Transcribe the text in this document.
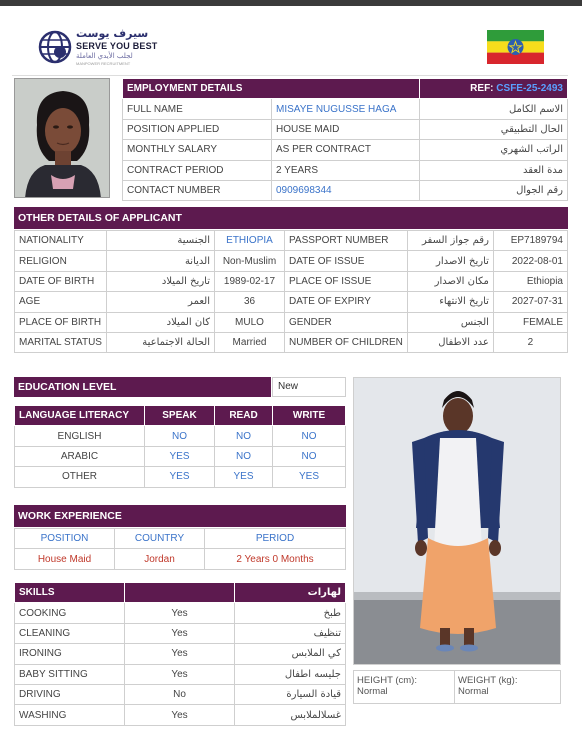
سيرف يوست
SERVE YOU BEST
لجلب الأيدي العاملة
MANPOWER RECRUITMENT
EMPLOYMENT DETAILS		REF: CSFE-25-2493
FULL NAME	MISAYE NUGUSSE HAGA	الاسم الكامل
POSITION APPLIED	HOUSE MAID	الحال التطبيقي
MONTHLY SALARY	AS PER CONTRACT	الراتب الشهري
CONTRACT PERIOD	2 YEARS	مدة العقد
CONTACT NUMBER	0909698344	رقم الجوال
OTHER DETAILS OF APPLICANT
NATIONALITY	الجنسية	ETHIOPIA	PASSPORT NUMBER	رقم جواز السفر	EP7189794
RELIGION	الديانة	Non-Muslim	DATE OF ISSUE	تاريخ الاصدار	2022-08-01
DATE OF BIRTH	تاريخ الميلاد	1989-02-17	PLACE OF ISSUE	مكان الاصدار	Ethiopia
AGE	العمر	36	DATE OF EXPIRY	تاريخ الانتهاء	2027-07-31
PLACE OF BIRTH	كان الميلاد	MULO	GENDER	الجنس	FEMALE
MARITAL STATUS	الحالة الاجتماعية	Married	NUMBER OF CHILDREN	عدد الاطفال	2
EDUCATION LEVEL	New
LANGUAGE LITERACY	SPEAK	READ	WRITE
ENGLISH	NO	NO	NO
ARABIC	YES	NO	NO
OTHER	YES	YES	YES
WORK EXPERIENCE
POSITION	COUNTRY	PERIOD
House Maid	Jordan	2 Years 0 Months
SKILLS		لهارات
COOKING	Yes	طبخ
CLEANING	Yes	تنظيف
IRONING	Yes	كي الملابس
BABY SITTING	Yes	جليسه اطفال
DRIVING	No	قيادة السيارة
WASHING	Yes	غسلالملابس
HEIGHT (cm):
Normal
WEIGHT (kg):
Normal
